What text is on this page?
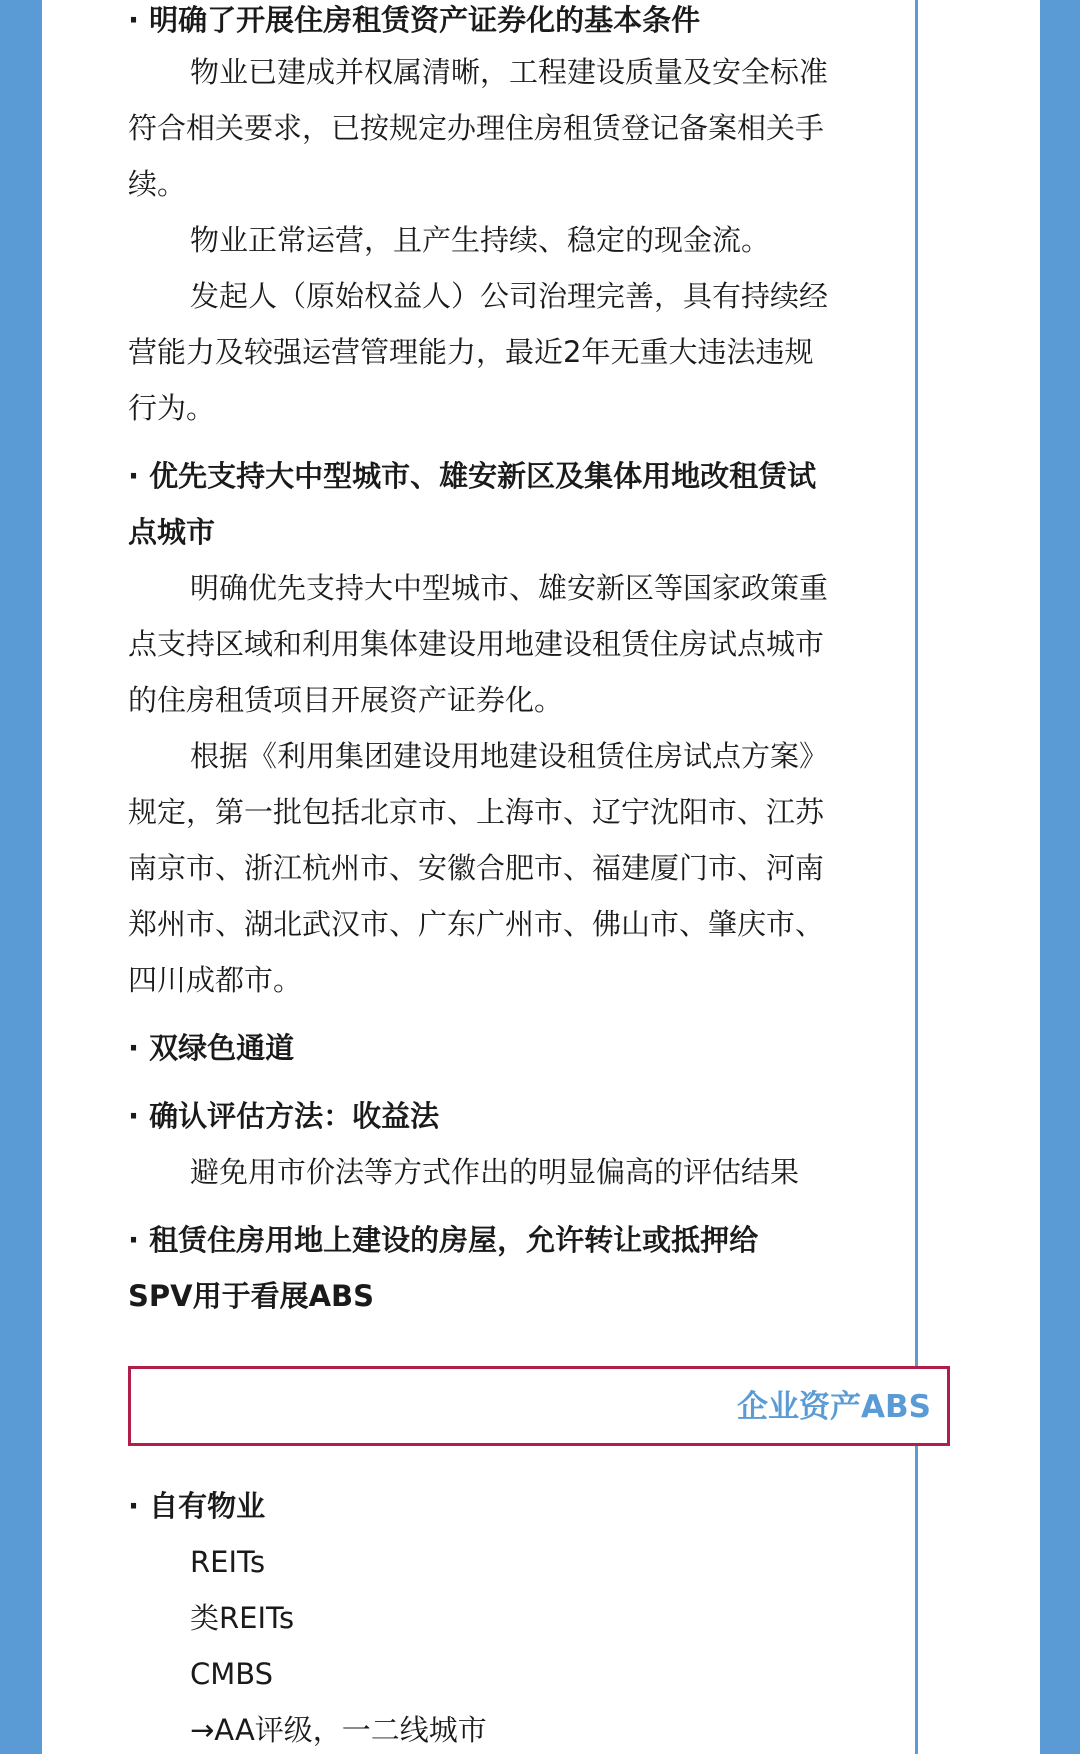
· 明确了开展住房租赁资产证券化的基本条件
物业已建成并权属清晰，工程建设质量及安全标准
符合相关要求，已按规定办理住房租赁登记备案相关手
续。
物业正常运营，且产生持续、稳定的现金流。
发起人（原始权益人）公司治理完善，具有持续经
营能力及较强运营管理能力，最近2年无重大违法违规
行为。
· 优先支持大中型城市、雄安新区及集体用地改租赁试
点城市
明确优先支持大中型城市、雄安新区等国家政策重
点支持区域和利用集体建设用地建设租赁住房试点城市
的住房租赁项目开展资产证券化。
根据《利用集团建设用地建设租赁住房试点方案》
规定，第一批包括北京市、上海市、辽宁沈阳市、江苏
南京市、浙江杭州市、安徽合肥市、福建厦门市、河南
郑州市、湖北武汉市、广东广州市、佛山市、肇庆市、
四川成都市。
· 双绿色通道
· 确认评估方法：收益法
避免用市价法等方式作出的明显偏高的评估结果
· 租赁住房用地上建设的房屋，允许转让或抵押给
SPV用于看展ABS
· 自有物业
REITs
类REITs
CMBS
→AA评级，一二线城市
企业资产ABS
